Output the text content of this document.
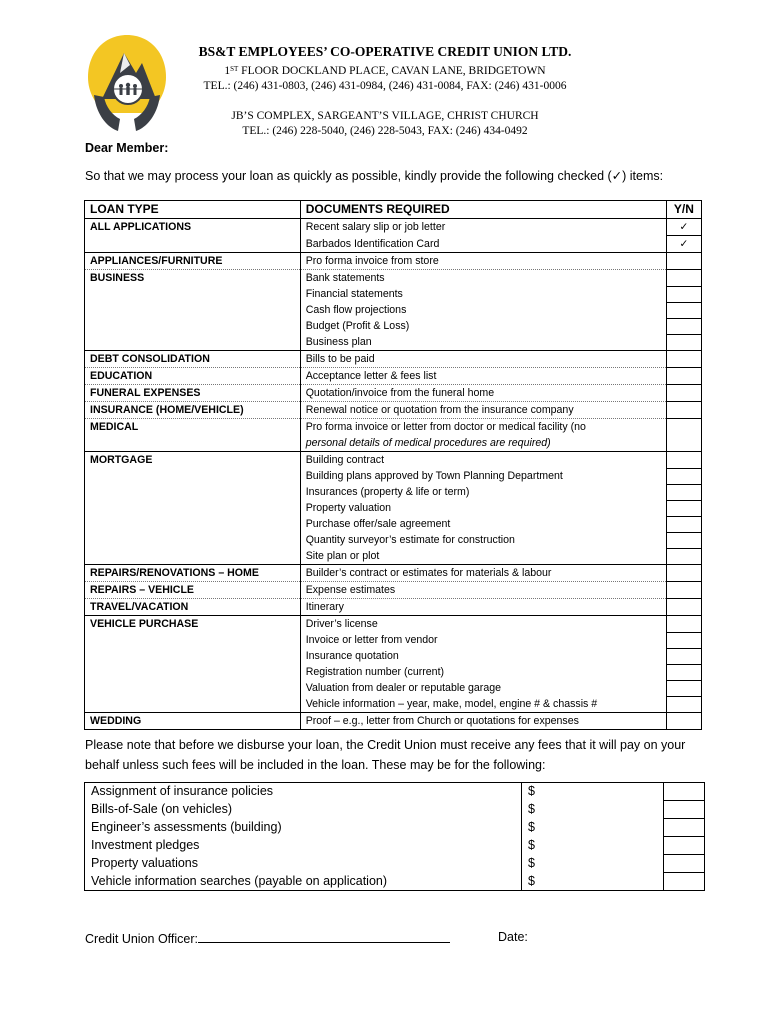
BS&T EMPLOYEES’ CO-OPERATIVE CREDIT UNION LTD.
1ST FLOOR DOCKLAND PLACE, CAVAN LANE, BRIDGETOWN
TEL.: (246) 431-0803, (246) 431-0984, (246) 431-0084, FAX: (246) 431-0006
JB’S COMPLEX, SARGEANT’S VILLAGE, CHRIST CHURCH
TEL.: (246) 228-5040, (246) 228-5043, FAX: (246) 434-0492
Dear Member:
So that we may process your loan as quickly as possible, kindly provide the following checked (✓) items:
LOAN TYPE	DOCUMENTS REQUIRED	Y/N
ALL APPLICATIONS	Recent salary slip or job letter	✓
	Barbados Identification Card	✓
APPLIANCES/FURNITURE	Pro forma invoice from store	
BUSINESS	Bank statements	
	Financial statements	
	Cash flow projections	
	Budget (Profit & Loss)	
	Business plan	
DEBT CONSOLIDATION	Bills to be paid	
EDUCATION	Acceptance letter & fees list	
FUNERAL EXPENSES	Quotation/invoice from the funeral home	
INSURANCE (HOME/VEHICLE)	Renewal notice or quotation from the insurance company	
MEDICAL	Pro forma invoice or letter from doctor or medical facility (no	
	personal details of medical procedures are required)	
MORTGAGE	Building contract	
	Building plans approved by Town Planning Department	
	Insurances (property & life or term)	
	Property valuation	
	Purchase offer/sale agreement	
	Quantity surveyor’s estimate for construction	
	Site plan or plot	
REPAIRS/RENOVATIONS – HOME	Builder’s contract or estimates for materials & labour	
REPAIRS – VEHICLE	Expense estimates	
TRAVEL/VACATION	Itinerary	
VEHICLE PURCHASE	Driver’s license	
	Invoice or letter from vendor	
	Insurance quotation	
	Registration number (current)	
	Valuation from dealer or reputable garage	
	Vehicle information – year, make, model, engine # & chassis #	
WEDDING	Proof – e.g., letter from Church or quotations for expenses	
Please note that before we disburse your loan, the Credit Union must receive any fees that it will pay on your behalf unless such fees will be included in the loan. These may be for the following:
Assignment of insurance policies	$	
Bills-of-Sale (on vehicles)	$	
Engineer’s assessments (building)	$	
Investment pledges	$	
Property valuations	$	
Vehicle information searches (payable on application)	$	
Credit Union Officer:	Date:
